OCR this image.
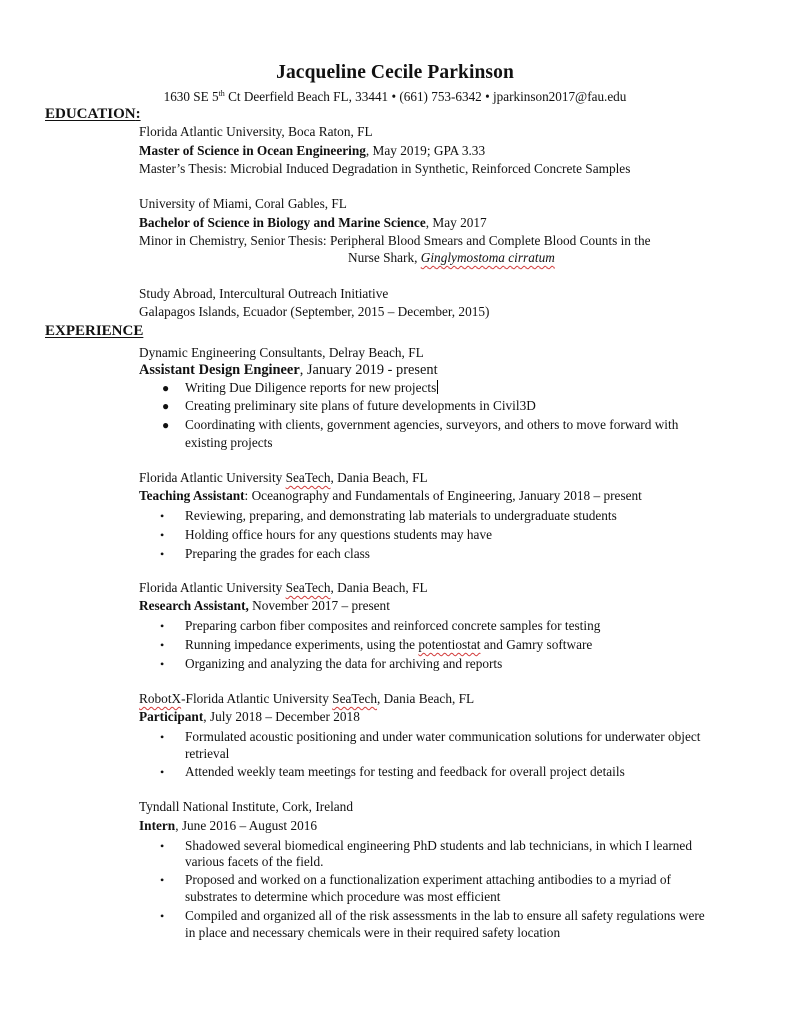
Jacqueline Cecile Parkinson
1630 SE 5th Ct Deerfield Beach FL, 33441 • (661) 753-6342 • jparkinson2017@fau.edu
EDUCATION:
Florida Atlantic University, Boca Raton, FL
Master of Science in Ocean Engineering, May 2019; GPA 3.33
Master’s Thesis: Microbial Induced Degradation in Synthetic, Reinforced Concrete Samples
University of Miami, Coral Gables, FL
Bachelor of Science in Biology and Marine Science, May 2017
Minor in Chemistry, Senior Thesis: Peripheral Blood Smears and Complete Blood Counts in the
Nurse Shark, Ginglymostoma cirratum
Study Abroad, Intercultural Outreach Initiative
Galapagos Islands, Ecuador (September, 2015 – December, 2015)
EXPERIENCE
Dynamic Engineering Consultants, Delray Beach, FL
Assistant Design Engineer, January 2019 - present
● Writing Due Diligence reports for new projects
● Creating preliminary site plans of future developments in Civil3D
● Coordinating with clients, government agencies, surveyors, and others to move forward with
existing projects
Florida Atlantic University SeaTech, Dania Beach, FL
Teaching Assistant: Oceanography and Fundamentals of Engineering, January 2018 – present
• Reviewing, preparing, and demonstrating lab materials to undergraduate students
• Holding office hours for any questions students may have
• Preparing the grades for each class
Florida Atlantic University SeaTech, Dania Beach, FL
Research Assistant, November 2017 – present
• Preparing carbon fiber composites and reinforced concrete samples for testing
• Running impedance experiments, using the potentiostat and Gamry software
• Organizing and analyzing the data for archiving and reports
RobotX-Florida Atlantic University SeaTech, Dania Beach, FL
Participant, July 2018 – December 2018
• Formulated acoustic positioning and under water communication solutions for underwater object
retrieval
• Attended weekly team meetings for testing and feedback for overall project details
Tyndall National Institute, Cork, Ireland
Intern, June 2016 – August 2016
• Shadowed several biomedical engineering PhD students and lab technicians, in which I learned
various facets of the field.
• Proposed and worked on a functionalization experiment attaching antibodies to a myriad of
substrates to determine which procedure was most efficient
• Compiled and organized all of the risk assessments in the lab to ensure all safety regulations were
in place and necessary chemicals were in their required safety location
